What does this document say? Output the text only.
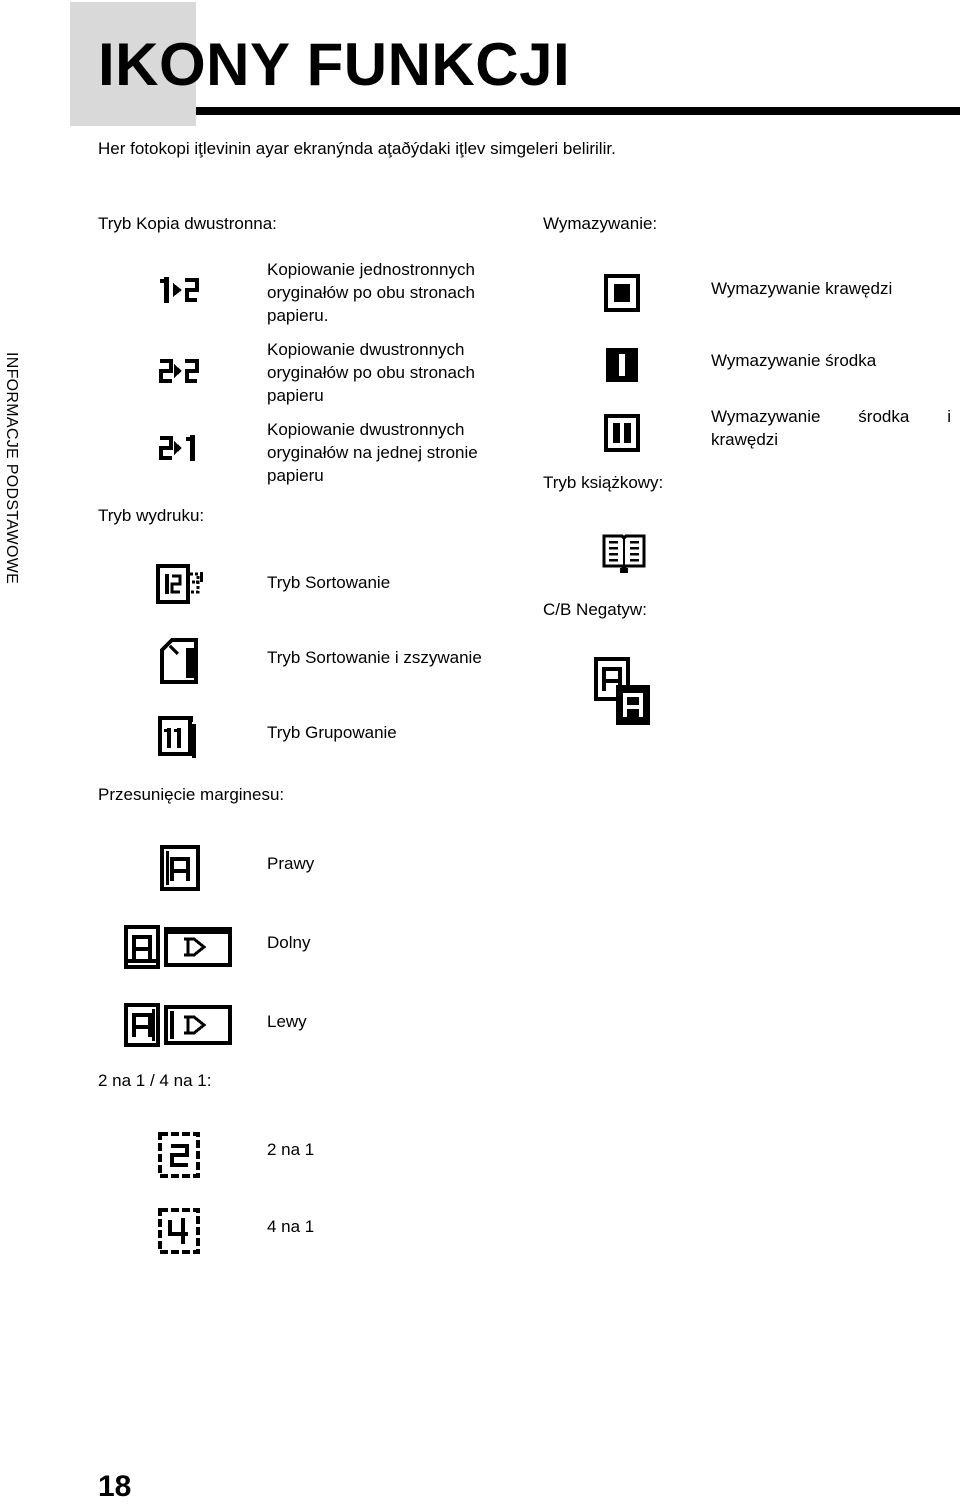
IKONY FUNKCJI
Her fotokopi iţlevinin ayar ekranýnda aţaðýdaki iţlev simgeleri belirilir.
INFORMACJE PODSTAWOWE
Tryb Kopia dwustronna:
Kopiowanie jednostronnych oryginałów po obu stronach papieru.
Kopiowanie dwustronnych oryginałów po obu stronach papieru
Kopiowanie dwustronnych oryginałów na jednej stronie papieru
Tryb wydruku:
Tryb Sortowanie
Tryb Sortowanie i zszywanie
Tryb Grupowanie
Przesunięcie marginesu:
Prawy
Dolny
Lewy
2 na 1 / 4 na 1:
2 na 1
4 na 1
Wymazywanie:
Wymazywanie krawędzi
Wymazywanie środka
Wymazywanie środka i
krawędzi
Tryb książkowy:
C/B Negatyw:
18
